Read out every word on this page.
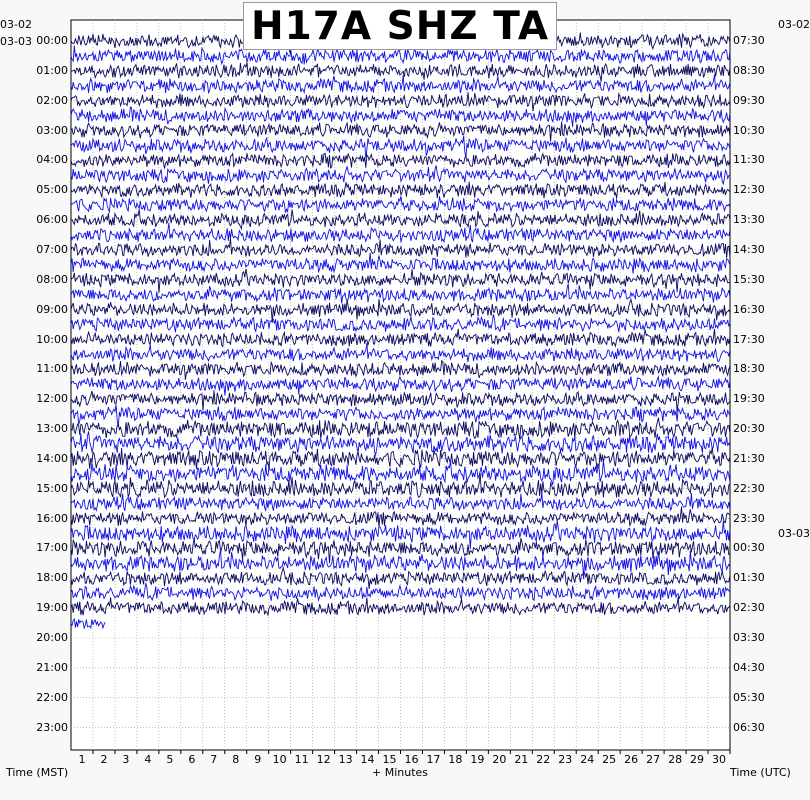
H17A SHZ TA
1	2	3	4	5	6	7	8	9	10 11 12 13 14 15 16 17 18 19 20 21 22 23 24 25 26 27 28 29 30
00:00
01:00
02:00
03:00
04:00
05:00
06:00
07:00
08:00
09:00
10:00
11:00
12:00
13:00
14:00
15:00
16:00
17:00
18:00
19:00
20:00
21:00
22:00
23:00
07:30
08:30
09:30
10:30
11:30
12:30
13:30
14:30
15:30
16:30
17:30
18:30
19:30
20:30
21:30
22:30
23:30
00:30
01:30
02:30
03:30
04:30
05:30
06:30
03-02
03-03
03-02
03-03
Time (MST)	Time (UTC)
+ Minutes
